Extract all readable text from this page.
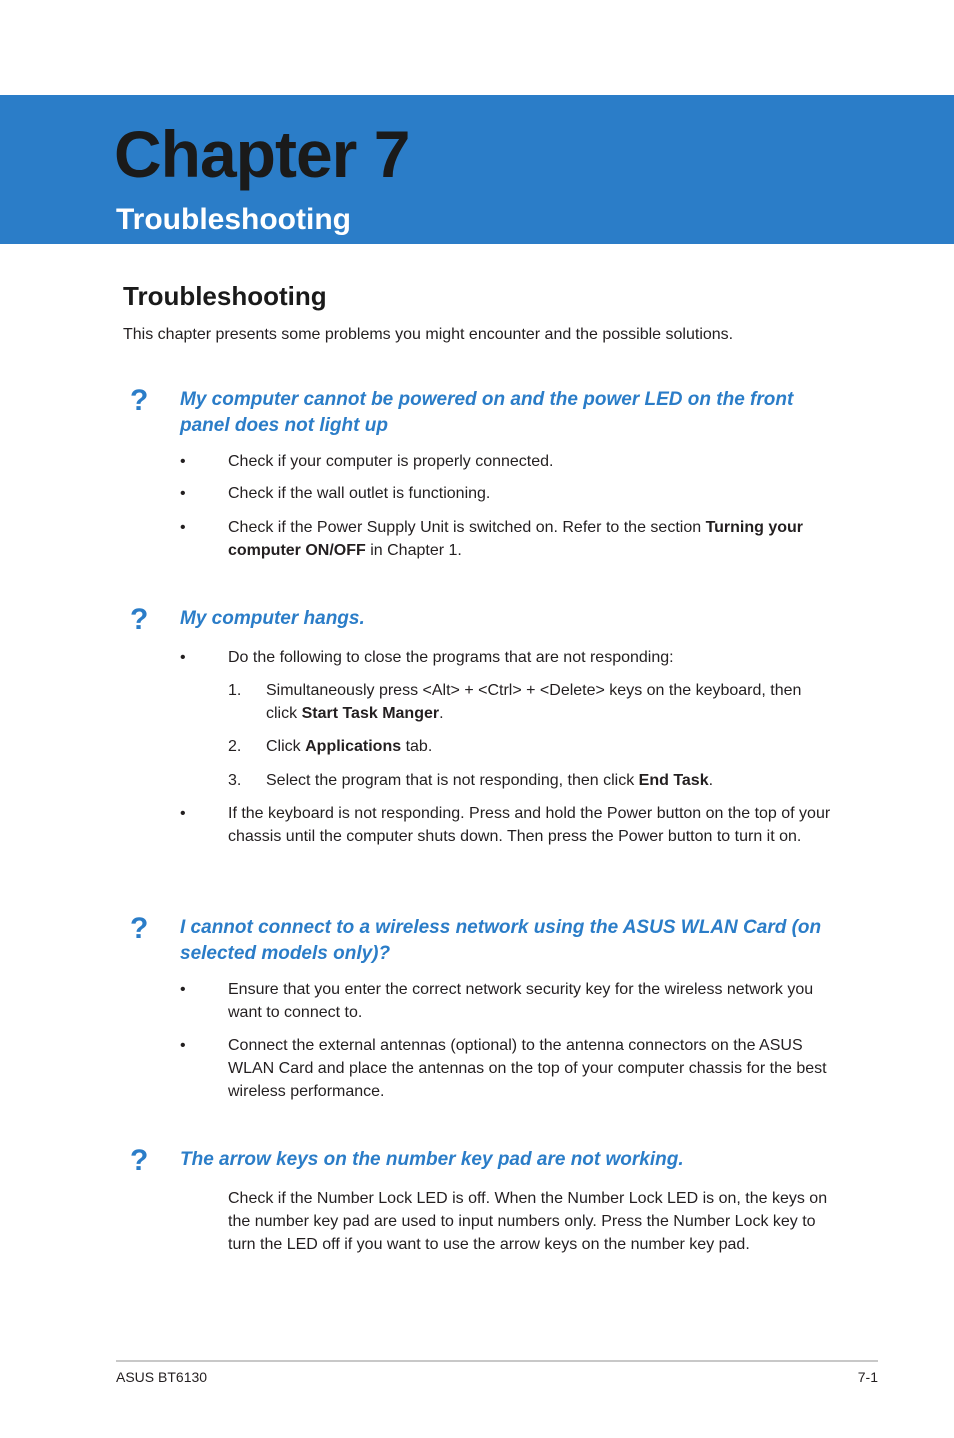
Chapter 7
Troubleshooting
Troubleshooting

This chapter presents some problems you might encounter and the possible solutions.

? My computer cannot be powered on and the power LED on the front panel does not light up

•	Check if your computer is properly connected.

•	Check if the wall outlet is functioning.

•	Check if the Power Supply Unit is switched on. Refer to the section Turning your computer ON/OFF in Chapter 1.

? My computer hangs.

•	Do the following to close the programs that are not responding:

1. Simultaneously press <Alt> + <Ctrl> + <Delete> keys on the keyboard, then click Start Task Manger.

2. Click Applications tab.

3. Select the program that is not responding, then click End Task.

•	If the keyboard is not responding. Press and hold the Power button on the top of your chassis until the computer shuts down. Then press the Power button to turn it on.

? I cannot connect to a wireless network using the ASUS WLAN Card (on selected models only)?

•	Ensure that you enter the correct network security key for the wireless network you want to connect to.

•	Connect the external antennas (optional) to the antenna connectors on the ASUS WLAN Card and place the antennas on the top of your computer chassis for the best wireless performance.

? The arrow keys on the number key pad are not working.

Check if the Number Lock LED is off. When the Number Lock LED is on, the keys on the number key pad are used to input numbers only. Press the Number Lock key to turn the LED off if you want to use the arrow keys on the number key pad.

ASUS BT6130	7-1
